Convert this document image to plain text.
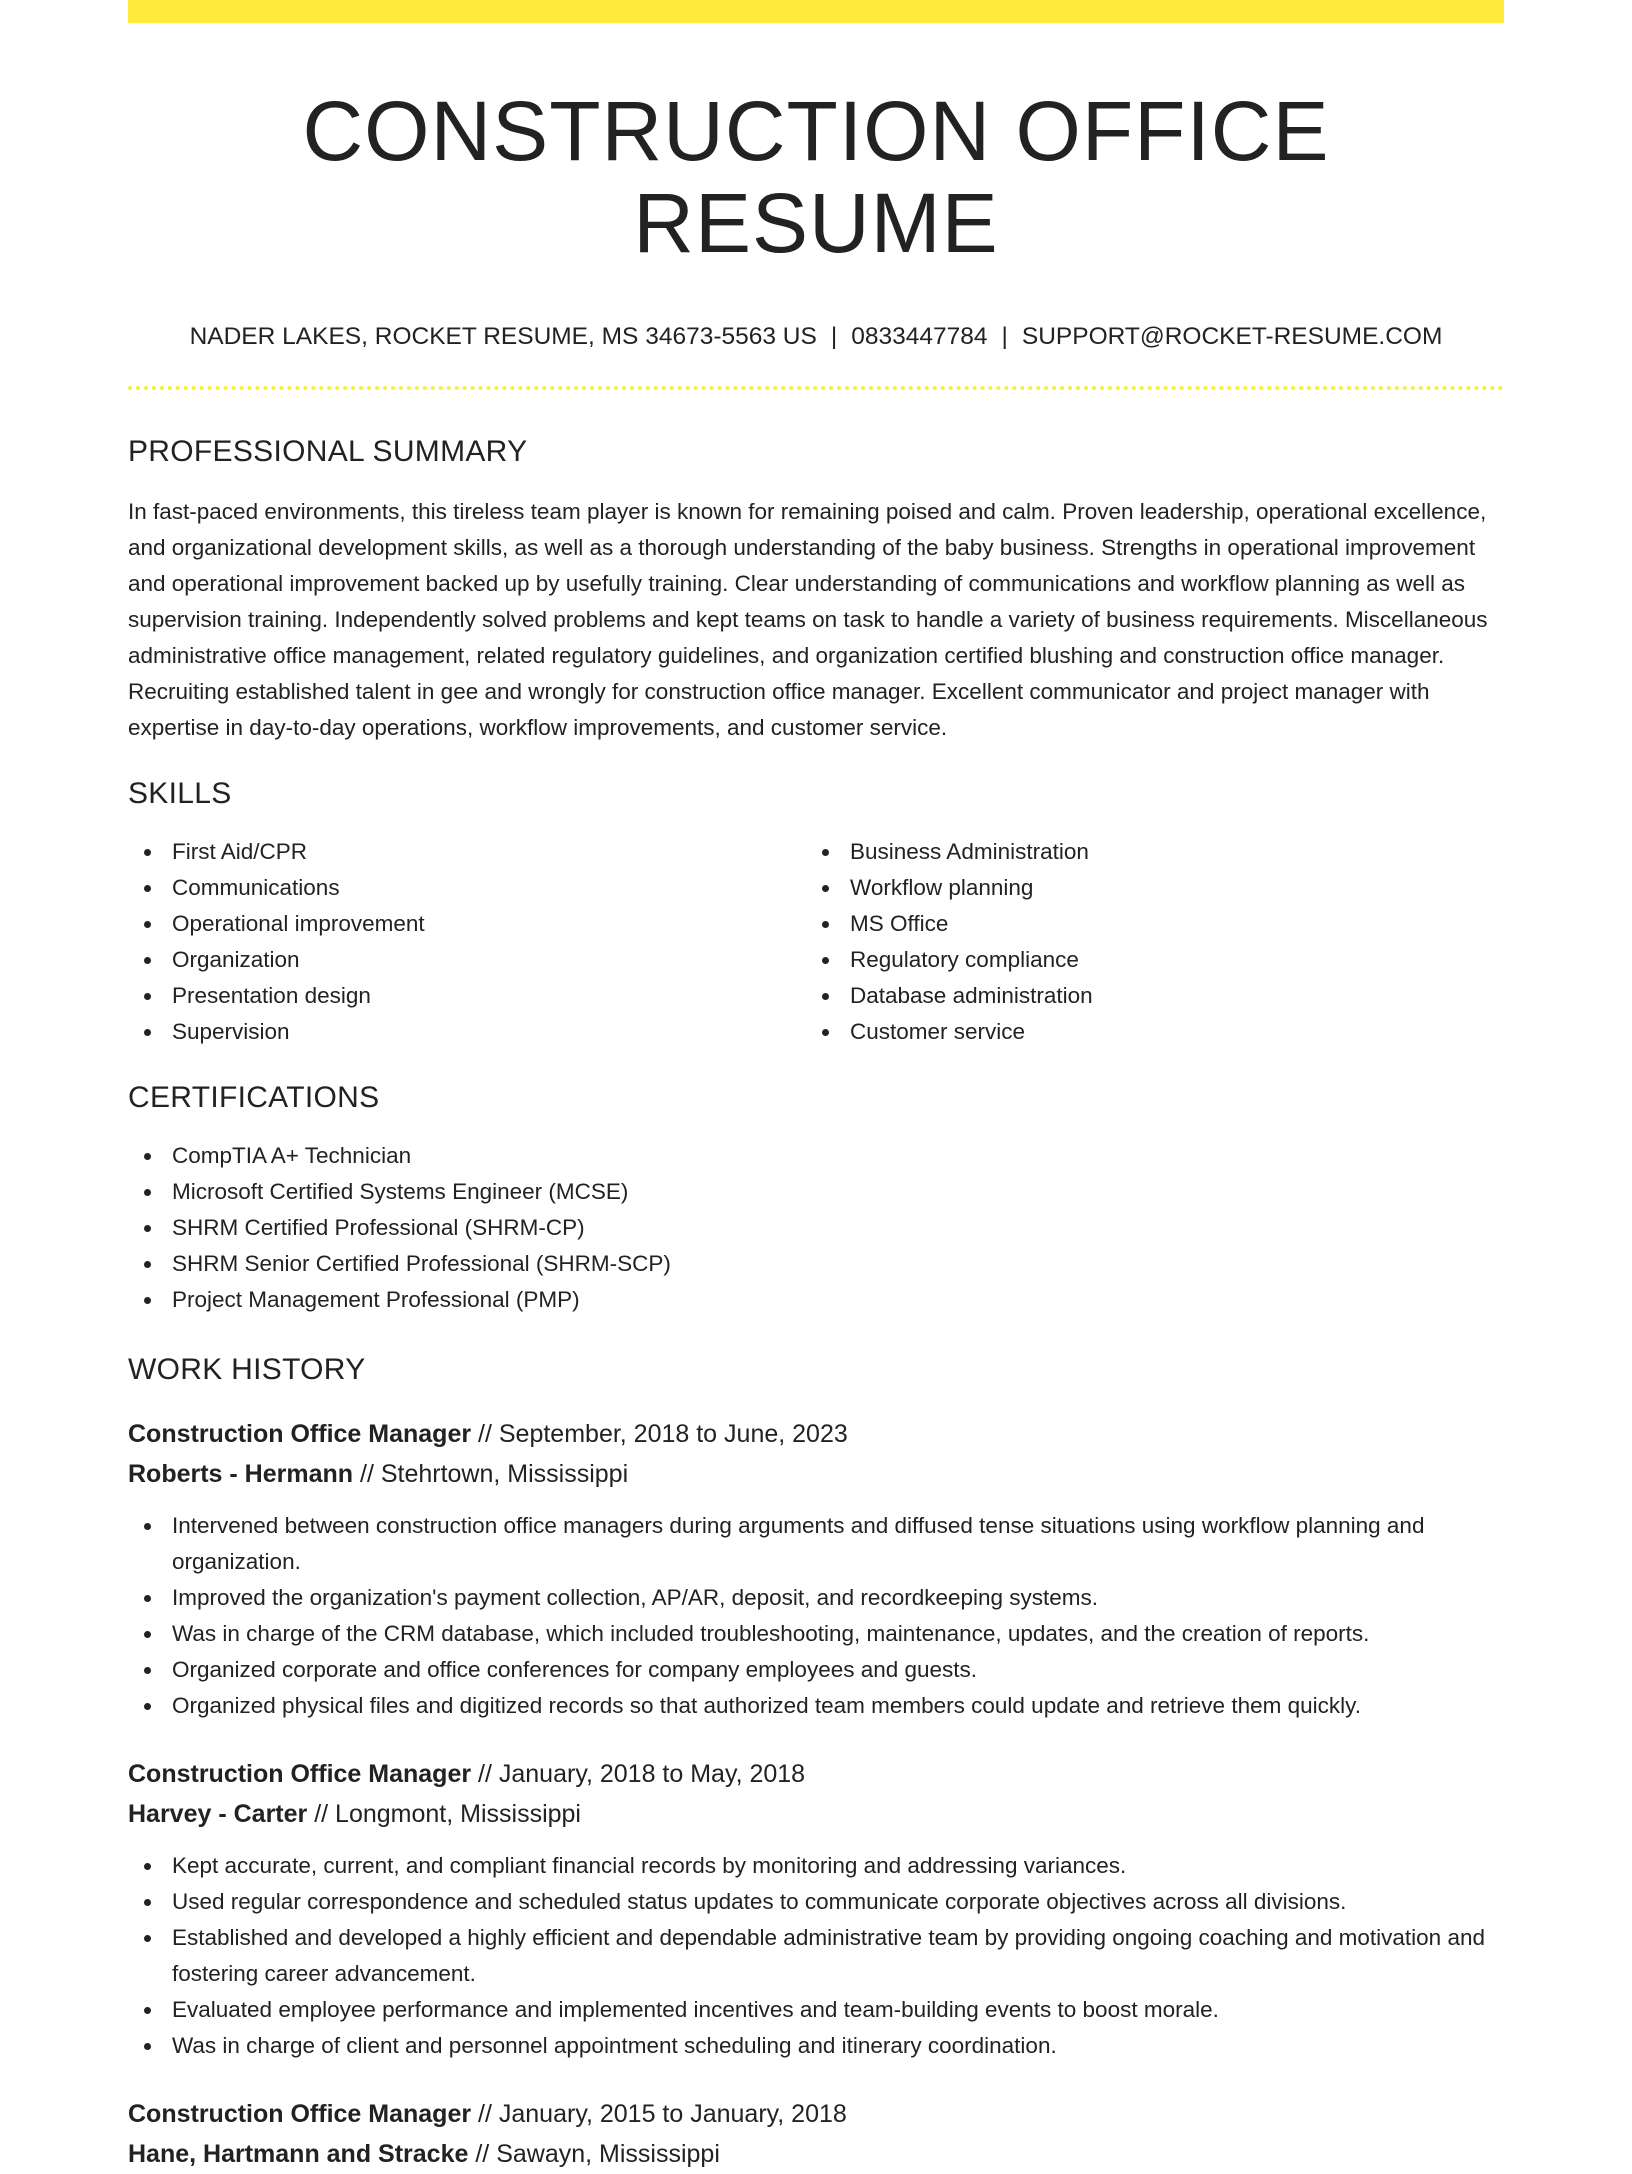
CONSTRUCTION OFFICE RESUME
NADER LAKES, ROCKET RESUME, MS 34673-5563 US | 0833447784 | SUPPORT@ROCKET-RESUME.COM
PROFESSIONAL SUMMARY

In fast-paced environments, this tireless team player is known for remaining poised and calm. Proven leadership, operational excellence, and organizational development skills, as well as a thorough understanding of the baby business. Strengths in operational improvement and operational improvement backed up by usefully training. Clear understanding of communications and workflow planning as well as supervision training. Independently solved problems and kept teams on task to handle a variety of business requirements. Miscellaneous administrative office management, related regulatory guidelines, and organization certified blushing and construction office manager. Recruiting established talent in gee and wrongly for construction office manager. Excellent communicator and project manager with expertise in day-to-day operations, workflow improvements, and customer service.

SKILLS
First Aid/CPR
Communications
Operational improvement
Organization
Presentation design
Supervision
Business Administration
Workflow planning
MS Office
Regulatory compliance
Database administration
Customer service
CERTIFICATIONS
CompTIA A+ Technician
Microsoft Certified Systems Engineer (MCSE)
SHRM Certified Professional (SHRM-CP)
SHRM Senior Certified Professional (SHRM-SCP)
Project Management Professional (PMP)
WORK HISTORY
Construction Office Manager // September, 2018 to June, 2023
Roberts - Hermann // Stehrtown, Mississippi
Intervened between construction office managers during arguments and diffused tense situations using workflow planning and organization.
Improved the organization's payment collection, AP/AR, deposit, and recordkeeping systems.
Was in charge of the CRM database, which included troubleshooting, maintenance, updates, and the creation of reports.
Organized corporate and office conferences for company employees and guests.
Organized physical files and digitized records so that authorized team members could update and retrieve them quickly.
Construction Office Manager // January, 2018 to May, 2018
Harvey - Carter // Longmont, Mississippi
Kept accurate, current, and compliant financial records by monitoring and addressing variances.
Used regular correspondence and scheduled status updates to communicate corporate objectives across all divisions.
Established and developed a highly efficient and dependable administrative team by providing ongoing coaching and motivation and fostering career advancement.
Evaluated employee performance and implemented incentives and team-building events to boost morale.
Was in charge of client and personnel appointment scheduling and itinerary coordination.
Construction Office Manager // January, 2015 to January, 2018
Hane, Hartmann and Stracke // Sawayn, Mississippi
